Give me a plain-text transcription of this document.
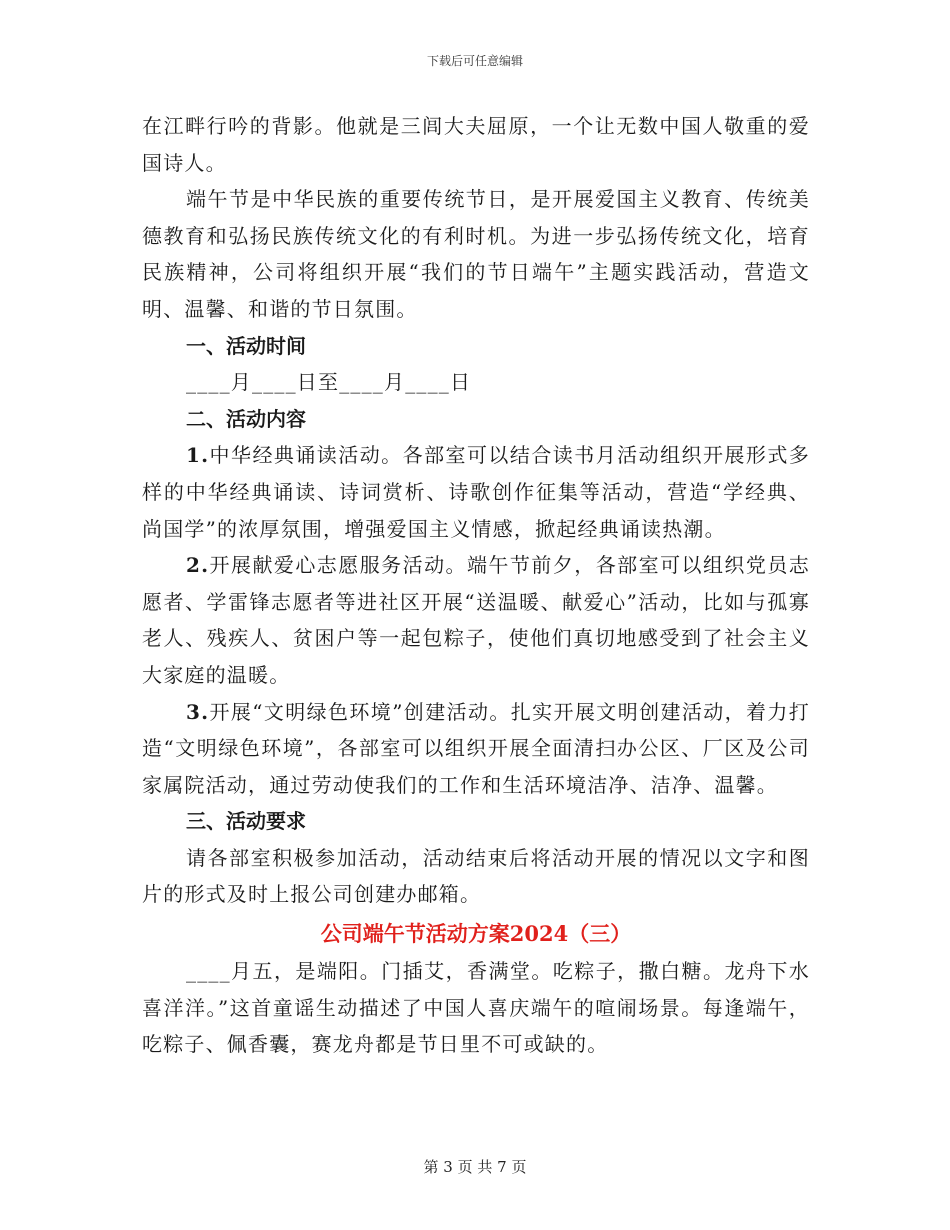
下载后可任意编辑

在江畔行吟的背影。他就是三闾大夫屈原，一个让无数中国人敬重的爱国诗人。

端午节是中华民族的重要传统节日，是开展爱国主义教育、传统美德教育和弘扬民族传统文化的有利时机。为进一步弘扬传统文化，培育民族精神，公司将组织开展“我们的节日端午”主题实践活动，营造文明、温馨、和谐的节日氛围。

一、活动时间

____月____日至____月____日

二、活动内容

1.中华经典诵读活动。各部室可以结合读书月活动组织开展形式多样的中华经典诵读、诗词赏析、诗歌创作征集等活动，营造“学经典、尚国学”的浓厚氛围，增强爱国主义情感，掀起经典诵读热潮。

2.开展献爱心志愿服务活动。端午节前夕，各部室可以组织党员志愿者、学雷锋志愿者等进社区开展“送温暖、献爱心”活动，比如与孤寡老人、残疾人、贫困户等一起包粽子，使他们真切地感受到了社会主义大家庭的温暖。

3.开展“文明绿色环境”创建活动。扎实开展文明创建活动，着力打造“文明绿色环境”，各部室可以组织开展全面清扫办公区、厂区及公司家属院活动，通过劳动使我们的工作和生活环境洁净、洁净、温馨。

三、活动要求

请各部室积极参加活动，活动结束后将活动开展的情况以文字和图片的形式及时上报公司创建办邮箱。

公司端午节活动方案2024（三）

____月五，是端阳。门插艾，香满堂。吃粽子，撒白糖。龙舟下水喜洋洋。”这首童谣生动描述了中国人喜庆端午的喧闹场景。每逢端午，吃粽子、佩香囊，赛龙舟都是节日里不可或缺的。

第 3 页 共 7 页
